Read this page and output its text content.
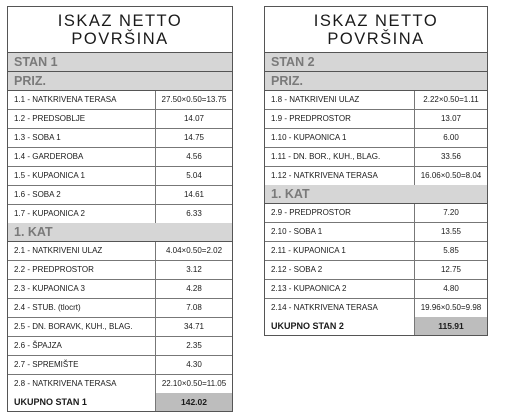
ISKAZ NETTO
POVRŠINA
STAN 1
PRIZ.
1.1 - NATKRIVENA TERASA	27.50×0.50=13.75
1.2 - PREDSOBLJE	14.07
1.3 - SOBA 1	14.75
1.4 - GARDEROBA	4.56
1.5 - KUPAONICA 1	5.04
1.6 - SOBA 2	14.61
1.7 - KUPAONICA 2	6.33
1. KAT
2.1 - NATKRIVENI ULAZ	4.04×0.50=2.02
2.2 - PREDPROSTOR	3.12
2.3 - KUPAONICA 3	4.28
2.4 - STUB. (tlocrt)	7.08
2.5 - DN. BORAVK, KUH., BLAG.	34.71
2.6 - ŠPAJZA	2.35
2.7 - SPREMIŠTE	4.30
2.8 - NATKRIVENA TERASA	22.10×0.50=11.05
UKUPNO STAN 1	142.02
ISKAZ NETTO
POVRŠINA
STAN 2
PRIZ.
1.8 - NATKRIVENI ULAZ	2.22×0.50=1.11
1.9 - PREDPROSTOR	13.07
1.10 - KUPAONICA 1	6.00
1.11 - DN. BOR., KUH., BLAG.	33.56
1.12 - NATKRIVENA TERASA	16.06×0.50=8.04
1. KAT
2.9 - PREDPROSTOR	7.20
2.10 - SOBA 1	13.55
2.11 - KUPAONICA 1	5.85
2.12 - SOBA 2	12.75
2.13 - KUPAONICA 2	4.80
2.14 - NATKRIVENA TERASA	19.96×0.50=9.98
UKUPNO STAN 2	115.91
